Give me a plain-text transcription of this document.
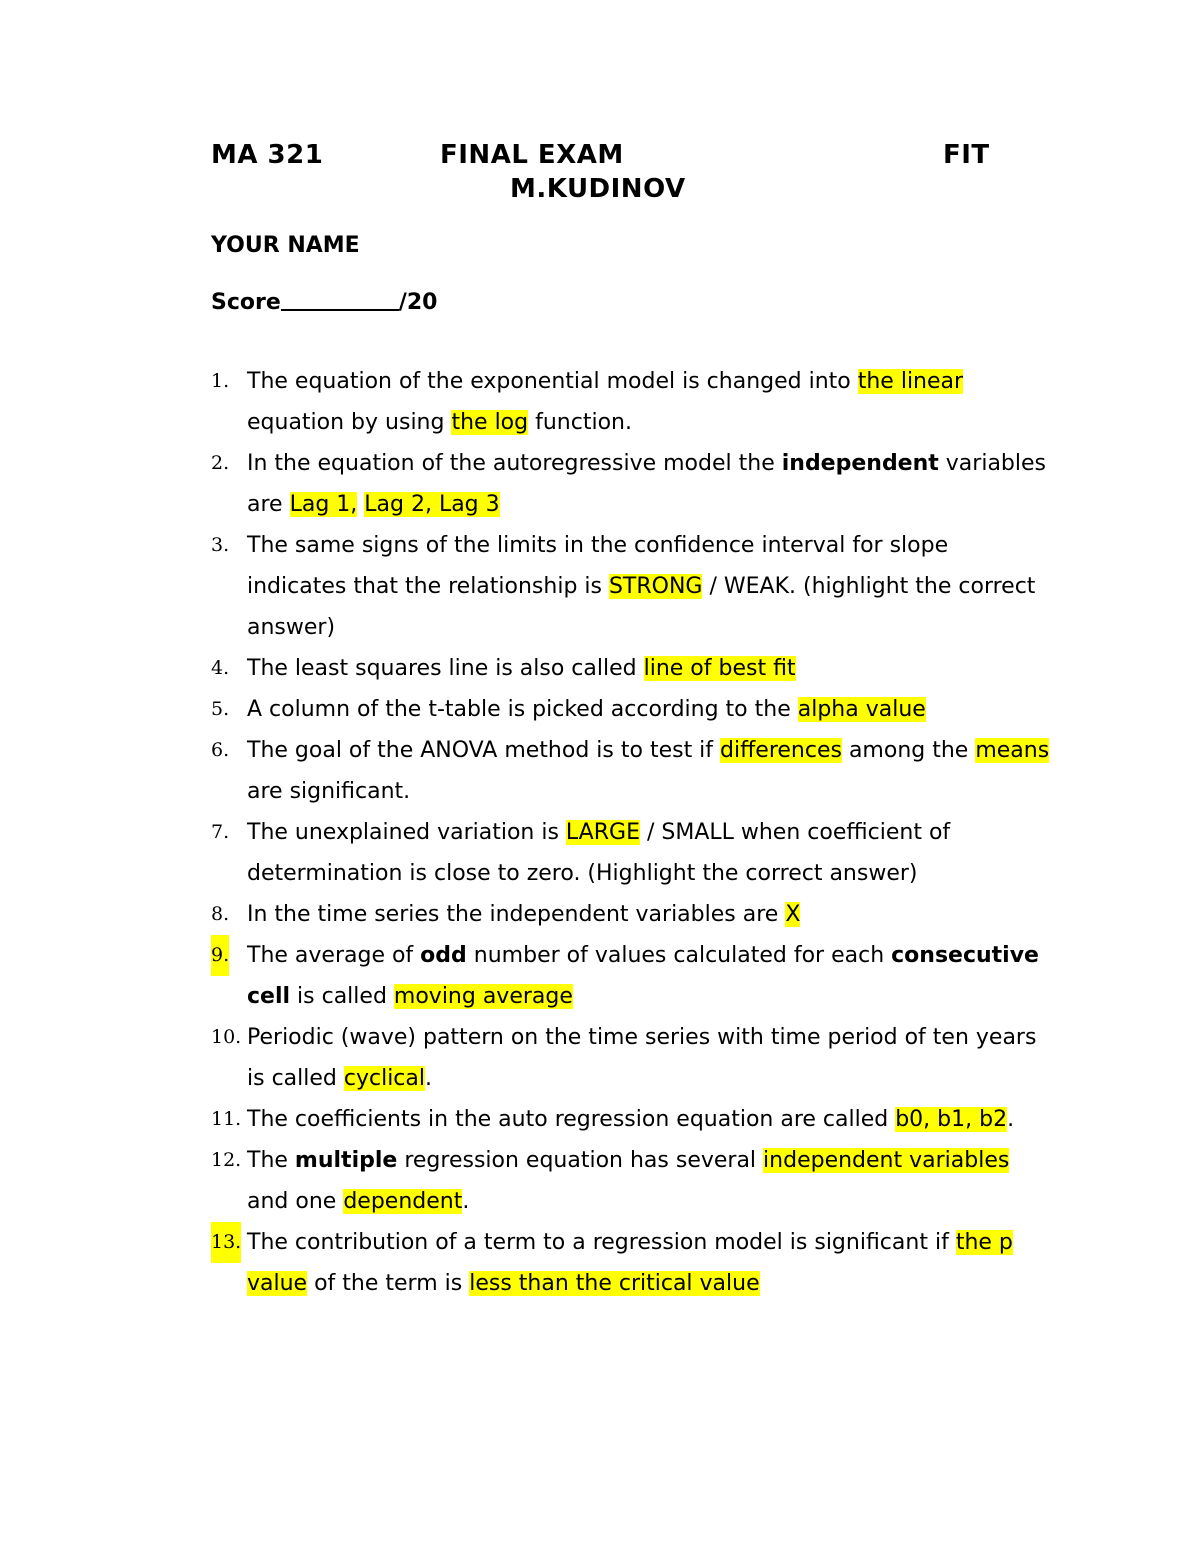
MA 321	FINAL EXAM	FIT
M.KUDINOV
YOUR NAME
Score	/20
1. The equation of the exponential model is changed into the linear equation by using the log function.
2. In the equation of the autoregressive model the independent variables are Lag 1, Lag 2, Lag 3
3. The same signs of the limits in the confidence interval for slope indicates that the relationship is STRONG / WEAK. (highlight the correct answer)
4. The least squares line is also called line of best fit
5. A column of the t-table is picked according to the alpha value
6. The goal of the ANOVA method is to test if differences among the means are significant.
7. The unexplained variation is LARGE / SMALL when coefficient of determination is close to zero. (Highlight the correct answer)
8. In the time series the independent variables are X
9. The average of odd number of values calculated for each consecutive cell is called moving average
10. Periodic (wave) pattern on the time series with time period of ten years is called cyclical.
11. The coefficients in the auto regression equation are called b0, b1, b2.
12. The multiple regression equation has several independent variables and one dependent.
13. The contribution of a term to a regression model is significant if the p value of the term is less than the critical value
